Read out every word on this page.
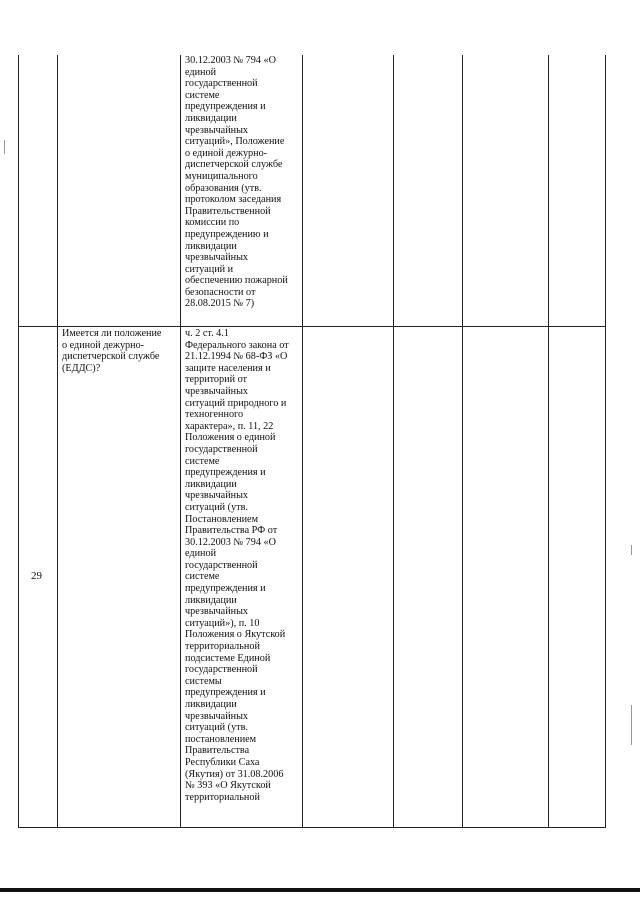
30.12.2003 № 794 «О
единой
государственной
системе
предупреждения и
ликвидации
чрезвычайных
ситуаций», Положение
о единой дежурно-
диспетчерской службе
муниципального
образования (утв.
протоколом заседания
Правительственной
комиссии по
предупреждению и
ликвидации
чрезвычайных
ситуаций и
обеспечению пожарной
безопасности от
28.08.2015 № 7)
29
Имеется ли положение
о единой дежурно-
диспетчерской службе
(ЕДДС)?
ч. 2 ст. 4.1
Федерального закона от
21.12.1994 № 68-ФЗ «О
защите населения и
территорий от
чрезвычайных
ситуаций природного и
техногенного
характера», п. 11, 22
Положения о единой
государственной
системе
предупреждения и
ликвидации
чрезвычайных
ситуаций (утв.
Постановлением
Правительства РФ от
30.12.2003 № 794 «О
единой
государственной
системе
предупреждения и
ликвидации
чрезвычайных
ситуаций»), п. 10
Положения о Якутской
территориальной
подсистеме Единой
государственной
системы
предупреждения и
ликвидации
чрезвычайных
ситуаций (утв.
постановлением
Правительства
Республики Саха
(Якутия) от 31.08.2006
№ 393 «О Якутской
территориальной
